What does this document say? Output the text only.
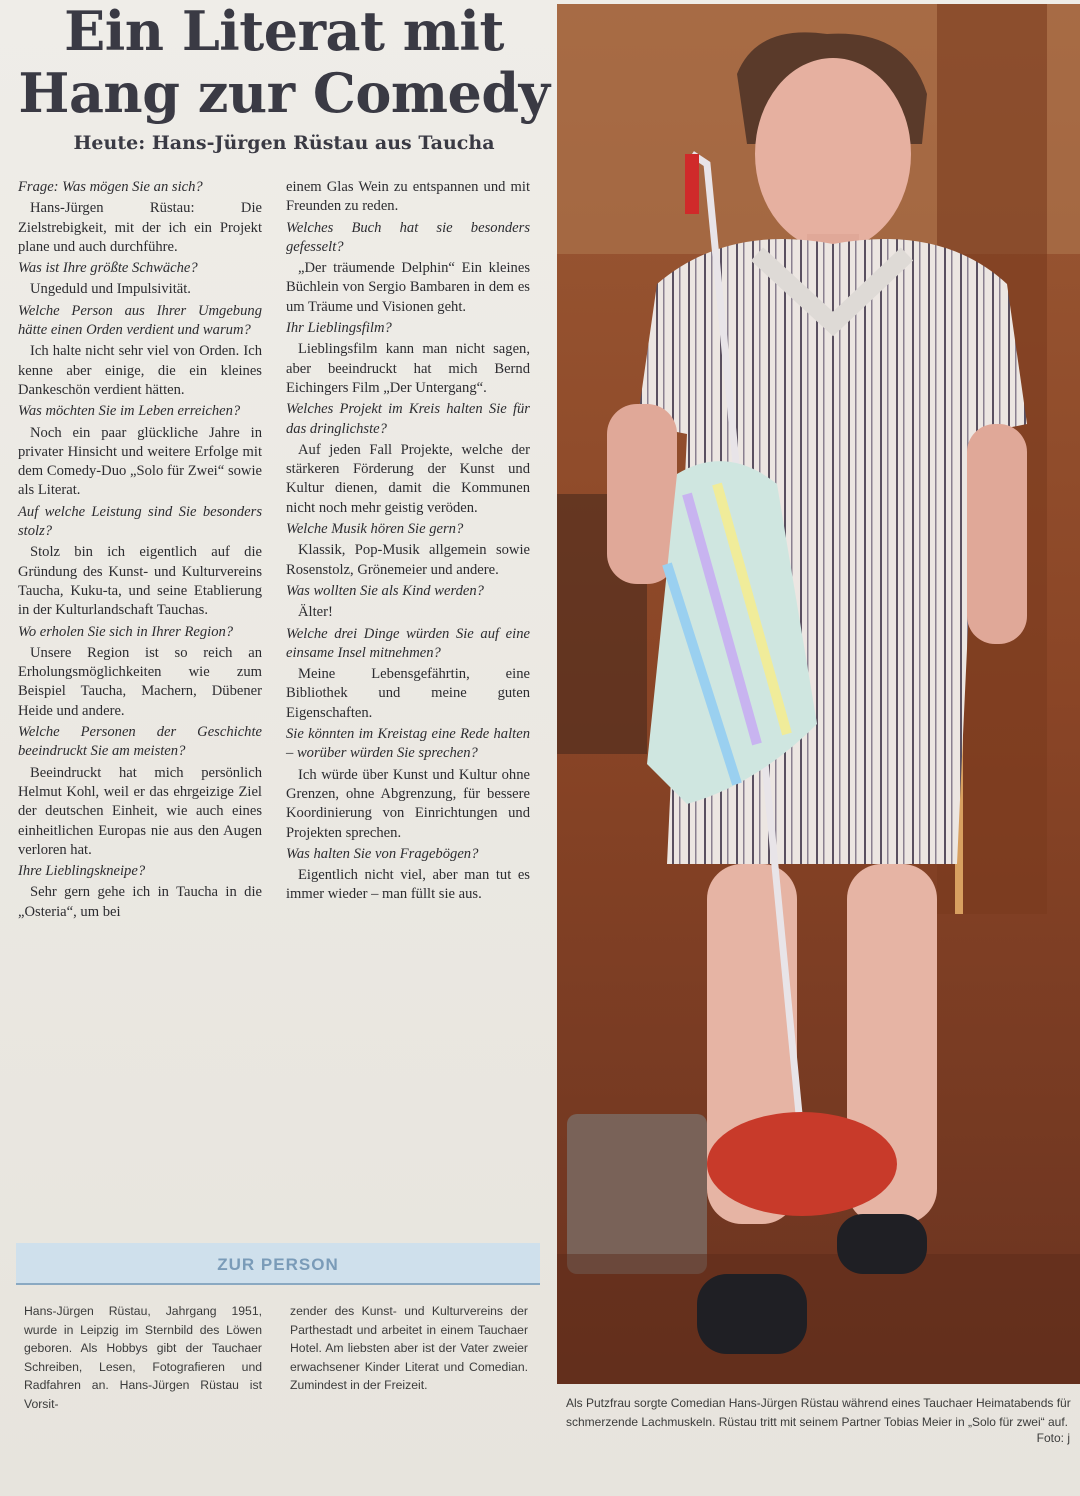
Ein Literat mit Hang zur Comedy
Heute: Hans-Jürgen Rüstau aus Taucha

Frage: Was mögen Sie an sich?

Hans-Jürgen Rüstau: Die Zielstrebigkeit, mit der ich ein Projekt plane und auch durchführe.

Was ist Ihre größte Schwäche?

Ungeduld und Impulsivität.

Welche Person aus Ihrer Umgebung hätte einen Orden verdient und warum?

Ich halte nicht sehr viel von Orden. Ich kenne aber einige, die ein kleines Dankeschön verdient hätten.

Was möchten Sie im Leben erreichen?

Noch ein paar glückliche Jahre in privater Hinsicht und weitere Erfolge mit dem Comedy-Duo „Solo für Zwei“ sowie als Literat.

Auf welche Leistung sind Sie besonders stolz?

Stolz bin ich eigentlich auf die Gründung des Kunst- und Kulturvereins Taucha, Kuku-ta, und seine Etablierung in der Kulturlandschaft Tauchas.

Wo erholen Sie sich in Ihrer Region?

Unsere Region ist so reich an Erholungsmöglichkeiten wie zum Beispiel Taucha, Machern, Dübener Heide und andere.

Welche Personen der Geschichte beeindruckt Sie am meisten?

Beeindruckt hat mich persönlich Helmut Kohl, weil er das ehrgeizige Ziel der deutschen Einheit, wie auch eines einheitlichen Europas nie aus den Augen verloren hat.

Ihre Lieblingskneipe?

Sehr gern gehe ich in Taucha in die „Osteria“, um bei

einem Glas Wein zu entspannen und mit Freunden zu reden.

Welches Buch hat sie besonders gefesselt?

„Der träumende Delphin“ Ein kleines Büchlein von Sergio Bambaren in dem es um Träume und Visionen geht.

Ihr Lieblingsfilm?

Lieblingsfilm kann man nicht sagen, aber beeindruckt hat mich Bernd Eichingers Film „Der Untergang“.

Welches Projekt im Kreis halten Sie für das dringlichste?

Auf jeden Fall Projekte, welche der stärkeren Förderung der Kunst und Kultur dienen, damit die Kommunen nicht noch mehr geistig veröden.

Welche Musik hören Sie gern?

Klassik, Pop-Musik allgemein sowie Rosenstolz, Grönemeier und andere.

Was wollten Sie als Kind werden?

Älter!

Welche drei Dinge würden Sie auf eine einsame Insel mitnehmen?

Meine Lebensgefährtin, eine Bibliothek und meine guten Eigenschaften.

Sie könnten im Kreistag eine Rede halten – worüber würden Sie sprechen?

Ich würde über Kunst und Kultur ohne Grenzen, ohne Abgrenzung, für bessere Koordinierung von Einrichtungen und Projekten sprechen.

Was halten Sie von Fragebögen?

Eigentlich nicht viel, aber man tut es immer wieder – man füllt sie aus.

ZUR PERSON
Hans-Jürgen Rüstau, Jahrgang 1951, wurde in Leipzig im Sternbild des Löwen geboren. Als Hobbys gibt der Tauchaer Schreiben, Lesen, Fotografieren und Radfahren an. Hans-Jürgen Rüstau ist Vorsit-
zender des Kunst- und Kulturvereins der Parthestadt und arbeitet in einem Tauchaer Hotel. Am liebsten aber ist der Vater zweier erwachsener Kinder Literat und Comedian. Zumindest in der Freizeit.
Als Putzfrau sorgte Comedian Hans-Jürgen Rüstau während eines Tauchaer Heimatabends für schmerzende Lachmuskeln. Rüstau tritt mit seinem Partner Tobias Meier in „Solo für zwei“ auf.
Foto: j
